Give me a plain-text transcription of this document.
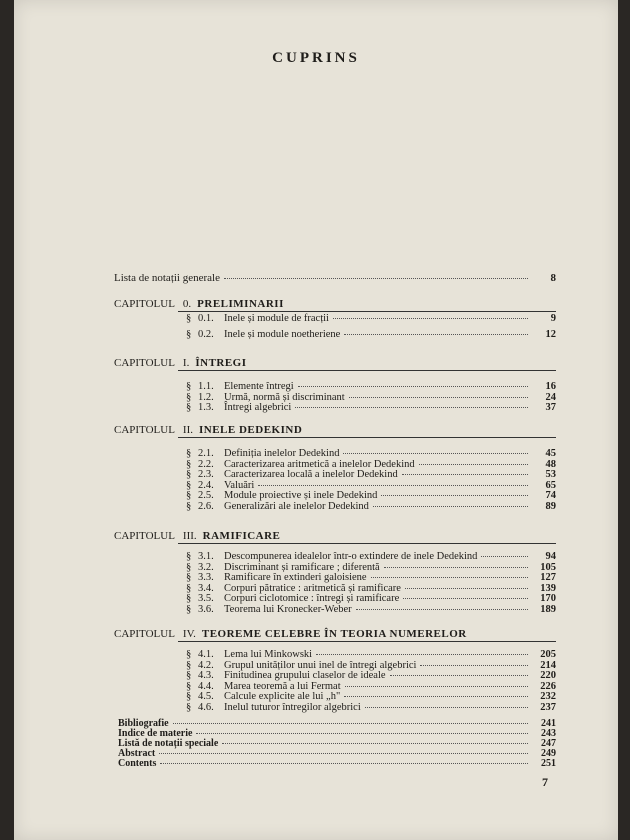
CUPRINS
Lista de notații generale	8
7
CAPITOLUL 0. PRELIMINARII
§ 0.1. Inele și module de fracții	9
§ 0.2. Inele și module noetheriene	12
CAPITOLUL I. ÎNTREGI
§ 1.1. Elemente întregi	16
§ 1.2. Urmă, normă și discriminant	24
§ 1.3. Întregi algebrici	37
CAPITOLUL II. INELE DEDEKIND
§ 2.1. Definiția inelelor Dedekind	45
§ 2.2. Caracterizarea aritmetică a inelelor Dedekind	48
§ 2.3. Caracterizarea locală a inelelor Dedekind	53
§ 2.4. Valuări	65
§ 2.5. Module proiective și inele Dedekind	74
§ 2.6. Generalizări ale inelelor Dedekind	89
CAPITOLUL III. RAMIFICARE
§ 3.1. Descompunerea idealelor într-o extindere de inele Dedekind	94
§ 3.2. Discriminant și ramificare ; diferentă	105
§ 3.3. Ramificare în extinderi galoisiene	127
§ 3.4. Corpuri pătratice : aritmetică și ramificare	139
§ 3.5. Corpuri ciclotomice : întregi și ramificare	170
§ 3.6. Teorema lui Kronecker-Weber	189
CAPITOLUL IV. TEOREME CELEBRE ÎN TEORIA NUMERELOR
§ 4.1. Lema lui Minkowski	205
§ 4.2. Grupul unităților unui inel de întregi algebrici	214
§ 4.3. Finitudinea grupului claselor de ideale	220
§ 4.4. Marea teoremă a lui Fermat	226
§ 4.5. Calcule explicite ale lui „h"	232
§ 4.6. Inelul tuturor întregilor algebrici	237
Bibliografie	241
Indice de materie	243
Listă de notații speciale	247
Abstract	249
Contents	251
